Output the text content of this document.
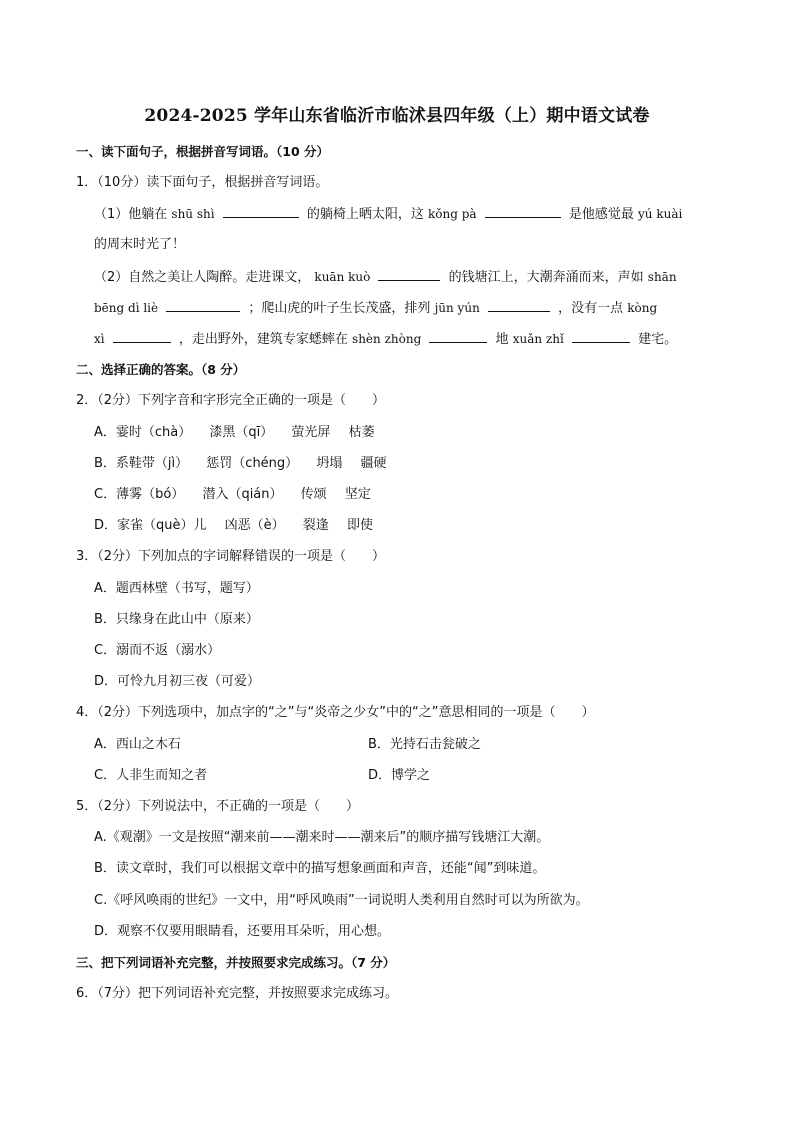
2024-2025 学年山东省临沂市临沭县四年级（上）期中语文试卷
一、读下面句子，根据拼音写词语。（10 分）
1．（10分）读下面句子，根据拼音写词语。
（1）他躺在 shū shì	的躺椅上晒太阳，这 kǒng pà	是他感觉最 yú kuài
的周末时光了！
（2）自然之美让人陶醉。走进课文， kuān kuò	的钱塘江上，大潮奔涌而来，声如 shān
bēng dì liè	；爬山虎的叶子生长茂盛，排列 jūn yún	，没有一点 kòng
xì	，走出野外，建筑专家蟋蟀在 shèn zhòng	地 xuǎn zhǐ	建宅。
二、选择正确的答案。（8 分）
2．（2分）下列字音和字形完全正确的一项是（　　）
A．霎时（chà） 漆黑（qī） 萤光屏 枯萎
B．系鞋带（jì） 惩罚（chéng） 坍塌 疆硬
C．薄雾（bó） 潜入（qián） 传颂 坚定
D．家雀（què）儿 凶恶（è） 裂逢 即使
3．（2分）下列加点的字词解释错误的一项是（　　）
A．题西林壁（书写，题写）
B．只缘身在此山中（原来）
C．溺而不返（溺水）
D．可怜九月初三夜（可爱）
4．（2分）下列选项中，加点字的“之”与“炎帝之少女”中的“之”意思相同的一项是（　　）
A．西山之木石	B．光持石击瓮破之
C．人非生而知之者	D．博学之
5．（2分）下列说法中，不正确的一项是（　　）
A.《观潮》一文是按照“潮来前——潮来时——潮来后”的顺序描写钱塘江大潮。
B．读文章时，我们可以根据文章中的描写想象画面和声音，还能“闻”到味道。
C.《呼风唤雨的世纪》一文中，用“呼风唤雨”一词说明人类利用自然时可以为所欲为。
D．观察不仅要用眼睛看，还要用耳朵听，用心想。
三、把下列词语补充完整，并按照要求完成练习。（7 分）
6．（7分）把下列词语补充完整，并按照要求完成练习。
